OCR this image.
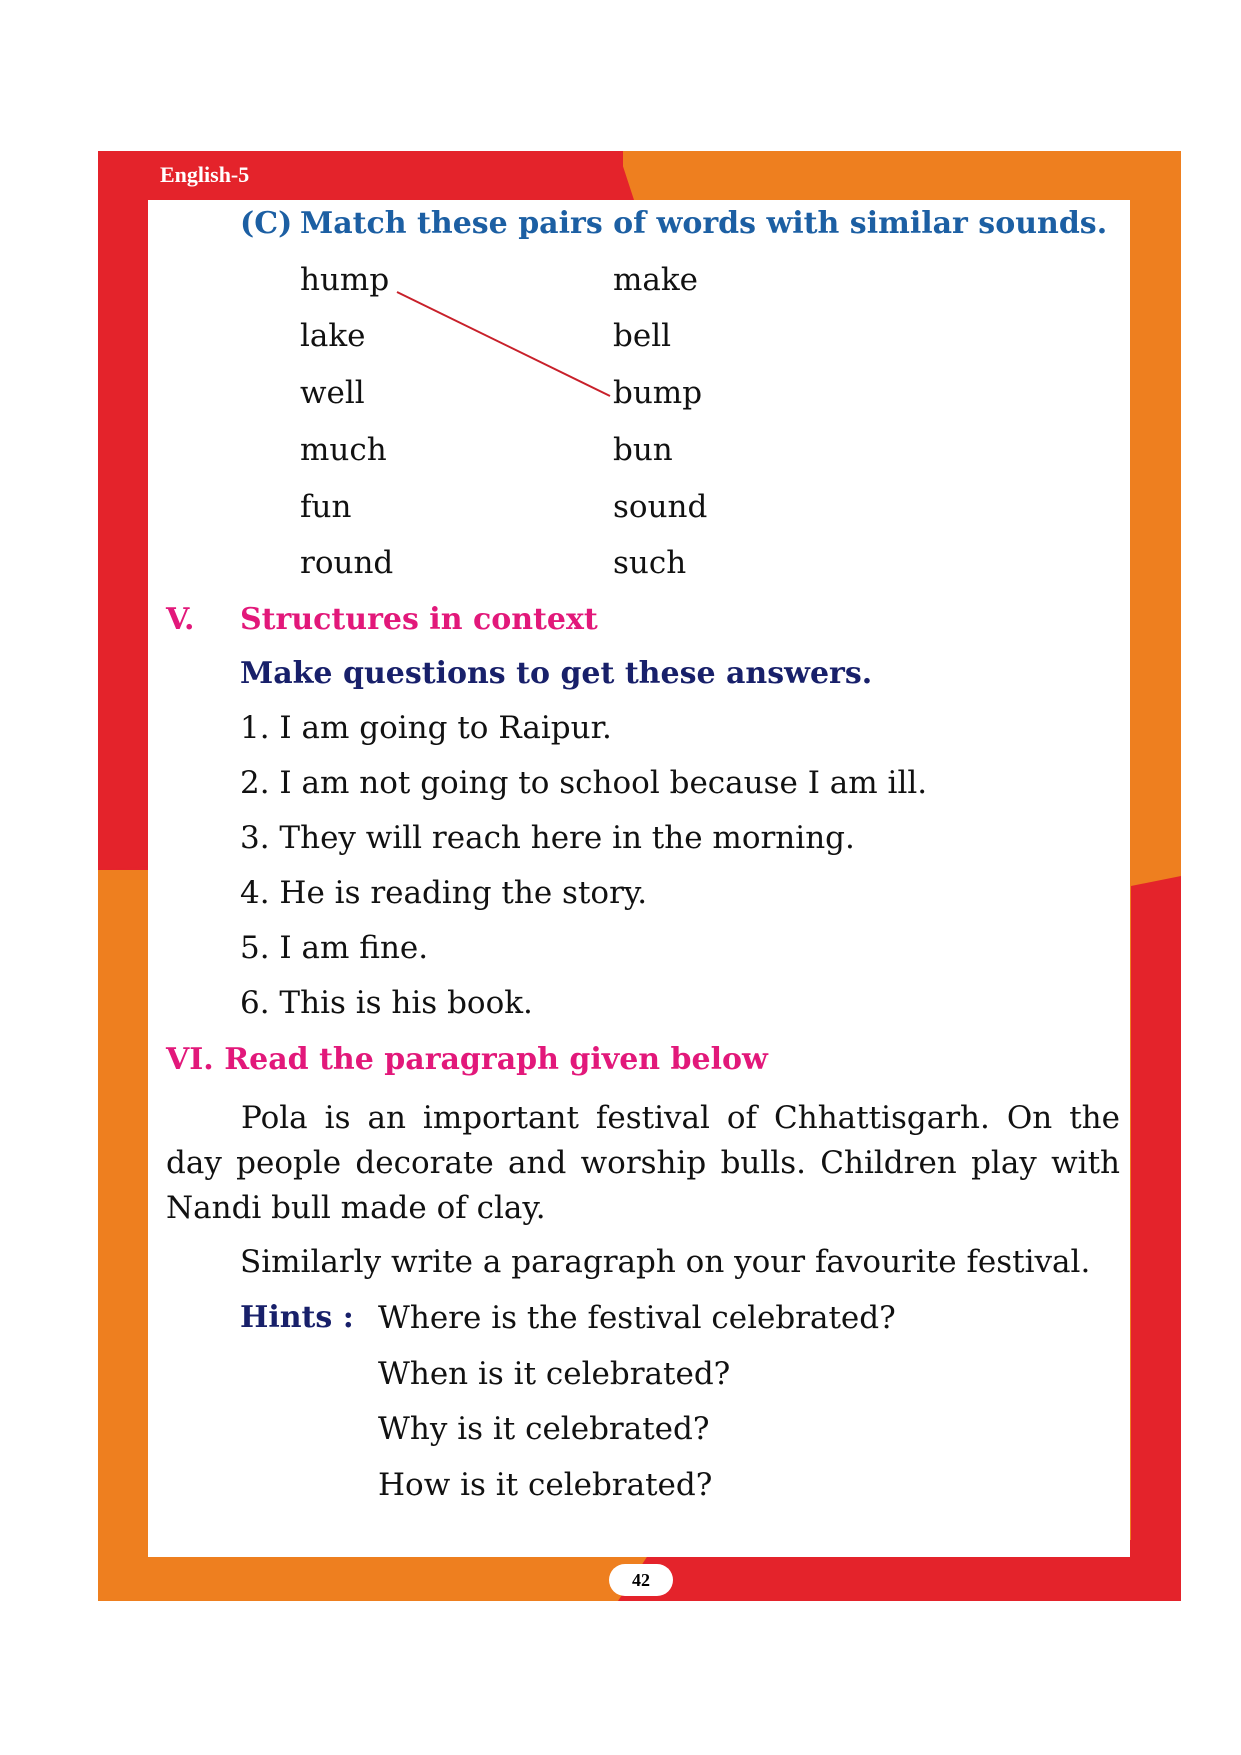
English-5
(C) Match these pairs of words with similar sounds.
hump
lake
well
much
fun
round
make
bell
bump
bun
sound
such
V. Structures in context
Make questions to get these answers.
1. I am going to Raipur.
2. I am not going to school because I am ill.
3. They will reach here in the morning.
4. He is reading the story.
5. I am fine.
6. This is his book.
VI. Read the paragraph given below
Pola is an important festival of Chhattisgarh. On the
day people decorate and worship bulls. Children play with
Nandi bull made of clay.
Similarly write a paragraph on your favourite festival.
Hints : Where is the festival celebrated?
When is it celebrated?
Why is it celebrated?
How is it celebrated?
42
